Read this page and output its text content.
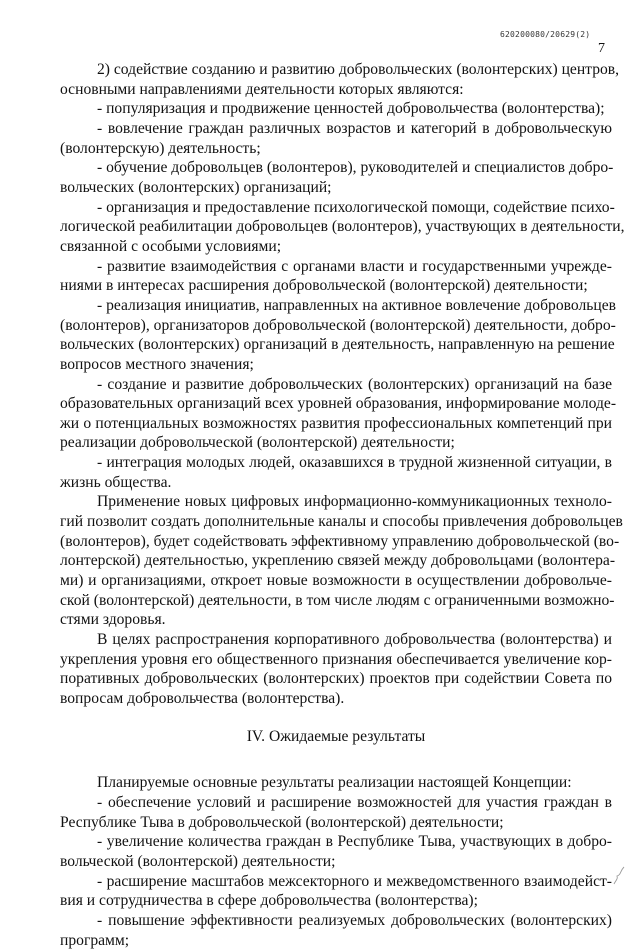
620200080/20629(2)
7
2) содействие созданию и развитию добровольческих (волонтерских) центров,
основными направлениями деятельности которых являются:
- популяризация и продвижение ценностей добровольчества (волонтерства);
- вовлечение граждан различных возрастов и категорий в добровольческую
(волонтерскую) деятельность;
- обучение добровольцев (волонтеров), руководителей и специалистов добро-
вольческих (волонтерских) организаций;
- организация и предоставление психологической помощи, содействие психо-
логической реабилитации добровольцев (волонтеров), участвующих в деятельности,
связанной с особыми условиями;
- развитие взаимодействия с органами власти и государственными учрежде-
ниями в интересах расширения добровольческой (волонтерской) деятельности;
- реализация инициатив, направленных на активное вовлечение добровольцев
(волонтеров), организаторов добровольческой (волонтерской) деятельности, добро-
вольческих (волонтерских) организаций в деятельность, направленную на решение
вопросов местного значения;
- создание и развитие добровольческих (волонтерских) организаций на базе
образовательных организаций всех уровней образования, информирование молоде-
жи о потенциальных возможностях развития профессиональных компетенций при
реализации добровольческой (волонтерской) деятельности;
- интеграция молодых людей, оказавшихся в трудной жизненной ситуации, в
жизнь общества.
Применение новых цифровых информационно-коммуникационных техноло-
гий позволит создать дополнительные каналы и способы привлечения добровольцев
(волонтеров), будет содействовать эффективному управлению добровольческой (во-
лонтерской) деятельностью, укреплению связей между добровольцами (волонтера-
ми) и организациями, откроет новые возможности в осуществлении добровольче-
ской (волонтерской) деятельности, в том числе людям с ограниченными возможно-
стями здоровья.
В целях распространения корпоративного добровольчества (волонтерства) и
укрепления уровня его общественного признания обеспечивается увеличение кор-
поративных добровольческих (волонтерских) проектов при содействии Совета по
вопросам добровольчества (волонтерства).
IV. Ожидаемые результаты
Планируемые основные результаты реализации настоящей Концепции:
- обеспечение условий и расширение возможностей для участия граждан в
Республике Тыва в добровольческой (волонтерской) деятельности;
- увеличение количества граждан в Республике Тыва, участвующих в добро-
вольческой (волонтерской) деятельности;
- расширение масштабов межсекторного и межведомственного взаимодейст-
вия и сотрудничества в сфере добровольчества (волонтерства);
- повышение эффективности реализуемых добровольческих (волонтерских)
программ;
